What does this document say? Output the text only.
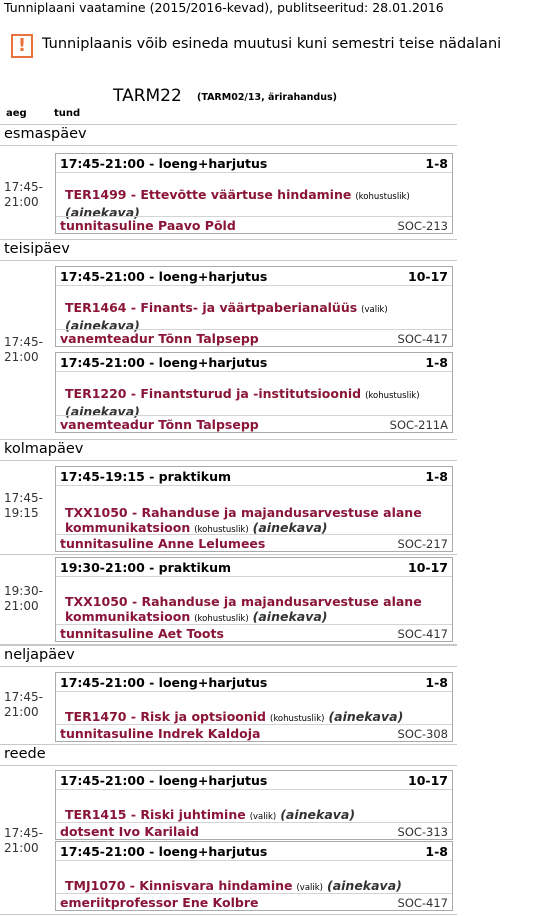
Tunniplaani vaatamine (2015/2016-kevad), publitseeritud: 28.01.2016
!	Tunniplaanis võib esineda muutusi kuni semestri teise nädalani
TARM22 (TARM02/13, ärirahandus)
aeg	tund
esmaspäev
17:45-
21:00
17:45-21:00 - loeng+harjutus	1-8
TER1499 - Ettevõtte väärtuse hindamine (kohustuslik) (ainekava)
tunnitasuline Paavo Põld	SOC-213
teisipäev
17:45-
21:00
17:45-21:00 - loeng+harjutus	10-17
TER1464 - Finants- ja väärtpaberianalüüs (valik) (ainekava)
vanemteadur Tõnn Talpsepp	SOC-417
17:45-21:00 - loeng+harjutus	1-8
TER1220 - Finantsturud ja -institutsioonid (kohustuslik) (ainekava)
vanemteadur Tõnn Talpsepp	SOC-211A
kolmapäev
17:45-
19:15
17:45-19:15 - praktikum	1-8
TXX1050 - Rahanduse ja majandusarvestuse alane kommunikatsioon (kohustuslik) (ainekava)
tunnitasuline Anne Lelumees	SOC-217
19:30-
21:00
19:30-21:00 - praktikum	10-17
TXX1050 - Rahanduse ja majandusarvestuse alane kommunikatsioon (kohustuslik) (ainekava)
tunnitasuline Aet Toots	SOC-417
neljapäev
17:45-
21:00
17:45-21:00 - loeng+harjutus	1-8
TER1470 - Risk ja optsioonid (kohustuslik) (ainekava)
tunnitasuline Indrek Kaldoja	SOC-308
reede
17:45-
21:00
17:45-21:00 - loeng+harjutus	10-17
TER1415 - Riski juhtimine (valik) (ainekava)
dotsent Ivo Karilaid	SOC-313
17:45-21:00 - loeng+harjutus	1-8
TMJ1070 - Kinnisvara hindamine (valik) (ainekava)
emeriitprofessor Ene Kolbre	SOC-417
